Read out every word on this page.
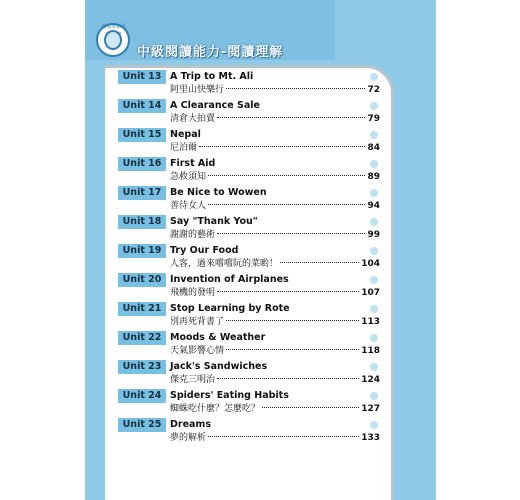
閱讀理解系
中級閱讀能力-閱讀理解
Unit 13 A Trip to Mt. Ali
阿里山快樂行	72
Unit 14 A Clearance Sale
清倉大拍賣	79
Unit 15 Nepal
尼泊爾	84
Unit 16 First Aid
急救須知	89
Unit 17 Be Nice to Wowen
善待女人	94
Unit 18 Say "Thank You"
謝謝的藝術	99
Unit 19 Try Our Food
人客，過來嚐嚐阮的菜喲！	104
Unit 20 Invention of Airplanes
飛機的發明	107
Unit 21 Stop Learning by Rote
別再死背書了	113
Unit 22 Moods & Weather
天氣影響心情	118
Unit 23 Jack's Sandwiches
傑克三明治	124
Unit 24 Spiders' Eating Habits
蜘蛛吃什麼？怎麼吃？	127
Unit 25 Dreams
夢的解析	133
